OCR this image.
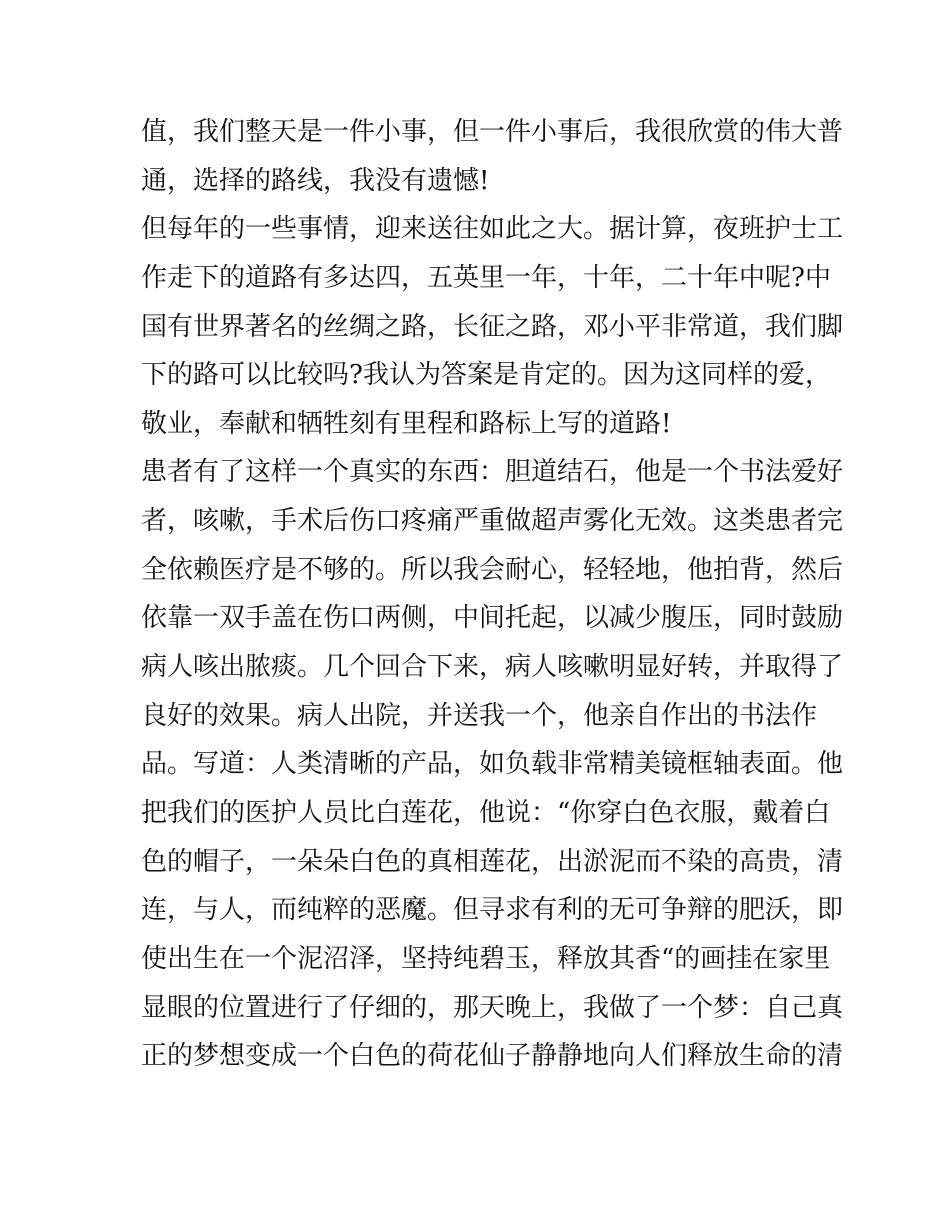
值，我们整天是一件小事，但一件小事后，我很欣赏的伟大普
通，选择的路线，我没有遗憾!
但每年的一些事情，迎来送往如此之大。据计算，夜班护士工
作走下的道路有多达四，五英里一年，十年，二十年中呢?中
国有世界著名的丝绸之路，长征之路，邓小平非常道，我们脚
下的路可以比较吗?我认为答案是肯定的。因为这同样的爱，
敬业，奉献和牺牲刻有里程和路标上写的道路!
患者有了这样一个真实的东西：胆道结石，他是一个书法爱好
者，咳嗽，手术后伤口疼痛严重做超声雾化无效。这类患者完
全依赖医疗是不够的。所以我会耐心，轻轻地，他拍背，然后
依靠一双手盖在伤口两侧，中间托起，以减少腹压，同时鼓励
病人咳出脓痰。几个回合下来，病人咳嗽明显好转，并取得了
良好的效果。病人出院，并送我一个，他亲自作出的书法作
品。写道：人类清晰的产品，如负载非常精美镜框轴表面。他
把我们的医护人员比白莲花，他说：“你穿白色衣服，戴着白
色的帽子，一朵朵白色的真相莲花，出淤泥而不染的高贵，清
连，与人，而纯粹的恶魔。但寻求有利的无可争辩的肥沃，即
使出生在一个泥沼泽，坚持纯碧玉，释放其香“的画挂在家里
显眼的位置进行了仔细的，那天晚上，我做了一个梦：自己真
正的梦想变成一个白色的荷花仙子静静地向人们释放生命的清
